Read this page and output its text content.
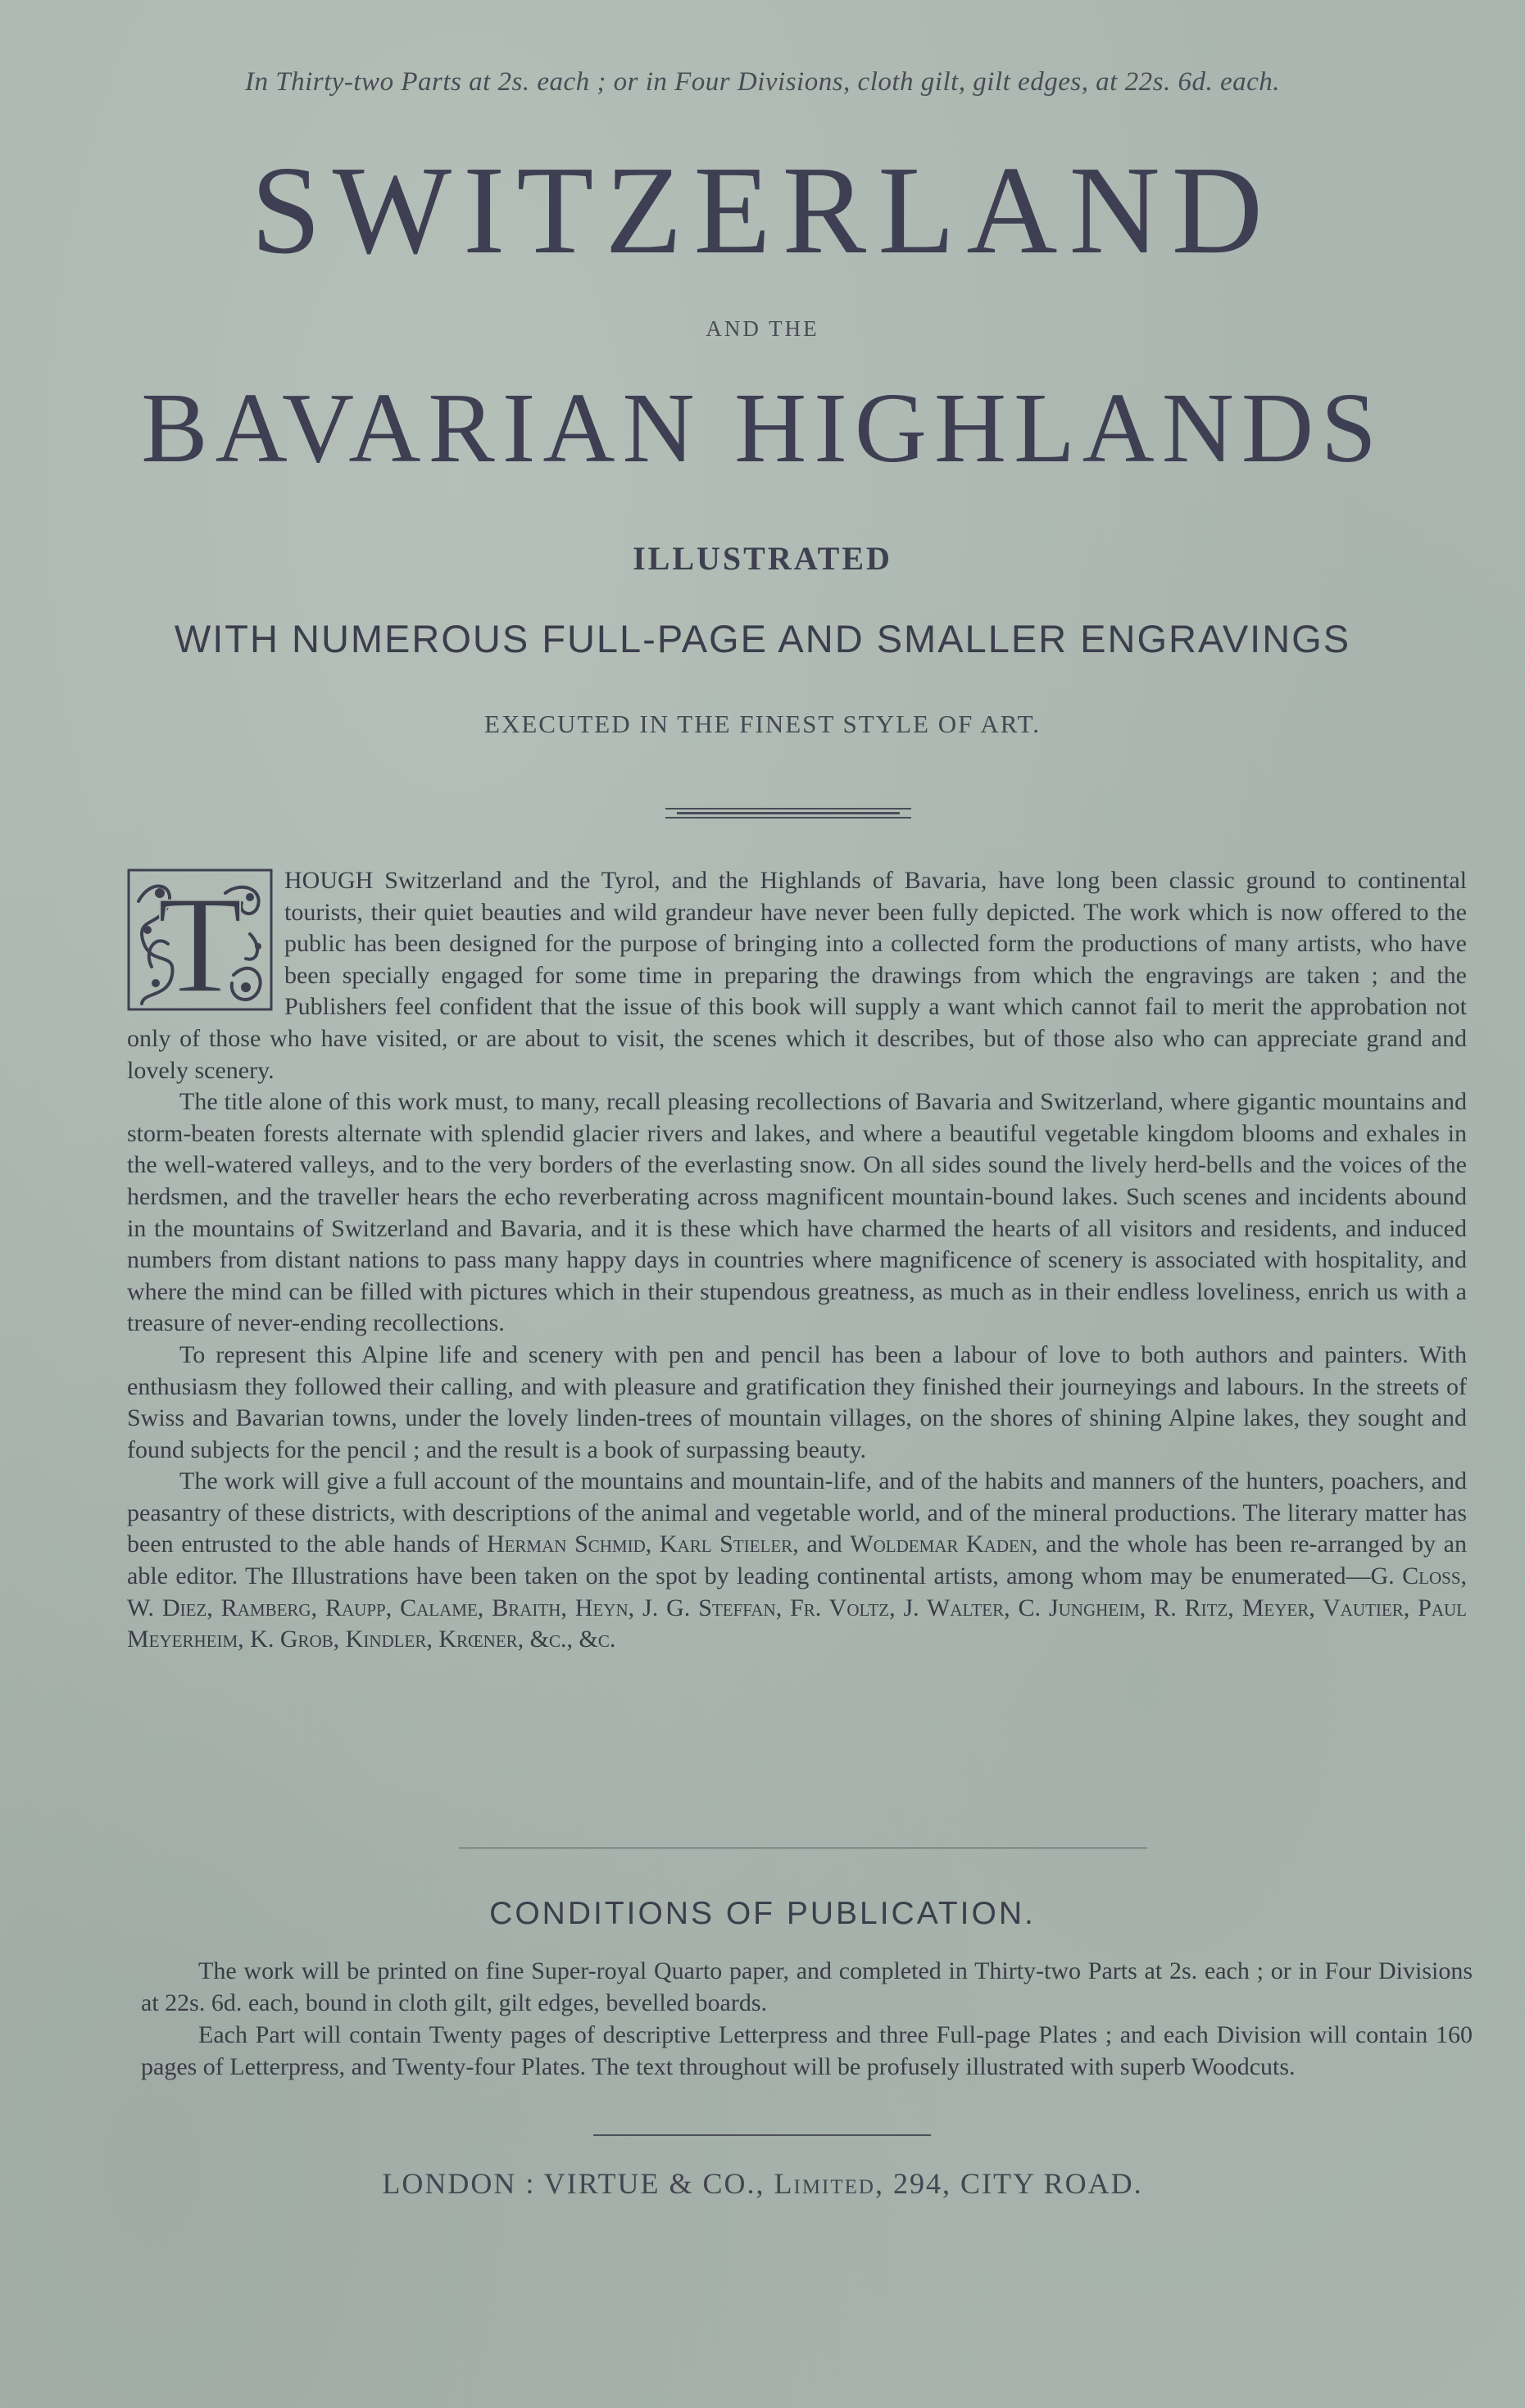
In Thirty-two Parts at 2s. each ; or in Four Divisions, cloth gilt, gilt edges, at 22s. 6d. each.
SWITZERLAND
AND THE
BAVARIAN HIGHLANDS
ILLUSTRATED
WITH NUMEROUS FULL-PAGE AND SMALLER ENGRAVINGS
EXECUTED IN THE FINEST STYLE OF ART.
T	HOUGH Switzerland and the Tyrol, and the Highlands of Bavaria, have long been classic ground to continental tourists, their quiet beauties and wild grandeur have never been fully depicted. The work which is now offered to the public has been designed for the purpose of bringing into a collected form the productions of many artists, who have been specially engaged for some time in preparing the drawings from which the engravings are taken ; and the Publishers feel confident that the issue of this book will supply a want which cannot fail to merit the approbation not only of those who have visited, or are about to visit, the scenes which it describes, but of those also who can appreciate grand and lovely scenery.

The title alone of this work must, to many, recall pleasing recollections of Bavaria and Switzerland, where gigantic mountains and storm-beaten forests alternate with splendid glacier rivers and lakes, and where a beautiful vegetable kingdom blooms and exhales in the well-watered valleys, and to the very borders of the everlasting snow. On all sides sound the lively herd-bells and the voices of the herdsmen, and the traveller hears the echo reverberating across magnificent mountain-bound lakes. Such scenes and incidents abound in the mountains of Switzerland and Bavaria, and it is these which have charmed the hearts of all visitors and residents, and induced numbers from distant nations to pass many happy days in countries where magnificence of scenery is associated with hospitality, and where the mind can be filled with pictures which in their stupendous greatness, as much as in their endless loveliness, enrich us with a treasure of never-ending recollections.

To represent this Alpine life and scenery with pen and pencil has been a labour of love to both authors and painters. With enthusiasm they followed their calling, and with pleasure and gratification they finished their journeyings and labours. In the streets of Swiss and Bavarian towns, under the lovely linden-trees of mountain villages, on the shores of shining Alpine lakes, they sought and found subjects for the pencil ; and the result is a book of surpassing beauty.

The work will give a full account of the mountains and mountain-life, and of the habits and manners of the hunters, poachers, and peasantry of these districts, with descriptions of the animal and vegetable world, and of the mineral productions. The literary matter has been entrusted to the able hands of Herman Schmid, Karl Stieler, and Woldemar Kaden, and the whole has been re-arranged by an able editor. The Illustrations have been taken on the spot by leading continental artists, among whom may be enumerated—G. Closs, W. Diez, Ramberg, Raupp, Calame, Braith, Heyn, J. G. Steffan, Fr. Voltz, J. Walter, C. Jungheim, R. Ritz, Meyer, Vautier, Paul Meyerheim, K. Grob, Kindler, Krœner, &c., &c.

CONDITIONS OF PUBLICATION.

The work will be printed on fine Super-royal Quarto paper, and completed in Thirty-two Parts at 2s. each ; or in Four Divisions at 22s. 6d. each, bound in cloth gilt, gilt edges, bevelled boards.

Each Part will contain Twenty pages of descriptive Letterpress and three Full-page Plates ; and each Division will contain 160 pages of Letterpress, and Twenty-four Plates. The text throughout will be profusely illustrated with superb Woodcuts.

LONDON : VIRTUE & CO., Limited, 294, CITY ROAD.
